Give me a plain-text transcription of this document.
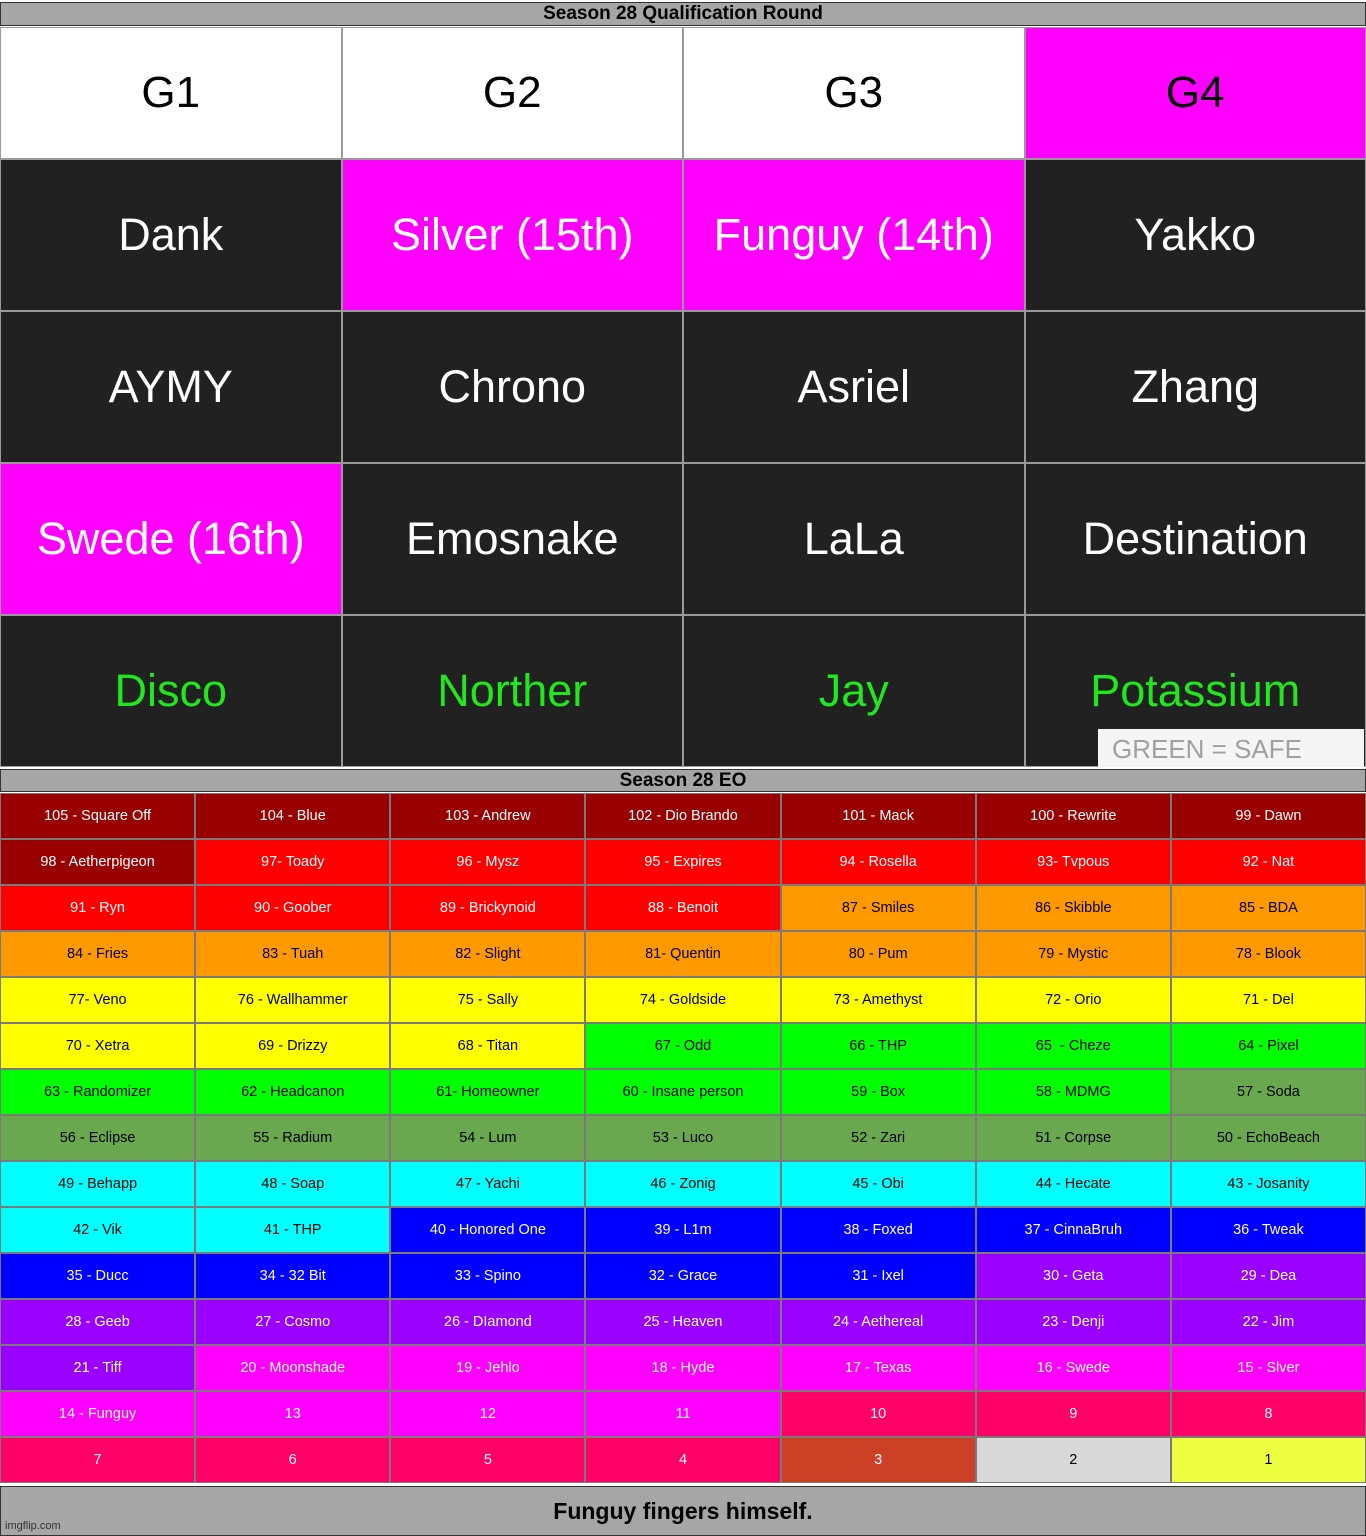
Season 28 Qualification Round
G1	G2	G3	G4
Dank	Silver (15th)	Funguy (14th)	Yakko
AYMY	Chrono	Asriel	Zhang
Swede (16th)	Emosnake	LaLa	Destination
Disco	Norther	Jay	Potassium
GREEN = SAFE
Season 28 EO
105 - Square Off	104 - Blue	103 - Andrew	102 - Dio Brando	101 - Mack	100 - Rewrite	99 - Dawn
98 - Aetherpigeon	97- Toady	96 - Mysz	95 - Expires	94 - Rosella	93- Tvpous	92 - Nat
91 - Ryn	90 - Goober	89 - Brickynoid	88 - Benoit	87 - Smiles	86 - Skibble	85 - BDA
84 - Fries	83 - Tuah	82 - Slight	81- Quentin	80 - Pum	79 - Mystic	78 - Blook
77- Veno	76 - Wallhammer	75 - Sally	74 - Goldside	73 - Amethyst	72 - Orio	71 - Del
70 - Xetra	69 - Drizzy	68 - Titan	67 - Odd	66 - THP	65  - Cheze	64 - Pixel
63 - Randomizer	62 - Headcanon	61- Homeowner	60 - Insane person	59 - Box	58 - MDMG	57 - Soda
56 - Eclipse	55 - Radium	54 - Lum	53 - Luco	52 - Zari	51 - Corpse	50 - EchoBeach
49 - Behapp	48 - Soap	47 - Yachi	46 - Zonig	45 - Obi	44 - Hecate	43 - Josanity
42 - Vik	41 - THP	40 - Honored One	39 - L1m	38 - Foxed	37 - CinnaBruh	36 - Tweak
35 - Ducc	34 - 32 Bit	33 - Spino	32 - Grace	31 - Ixel	30 - Geta	29 - Dea
28 - Geeb	27 - Cosmo	26 - DIamond	25 - Heaven	24 - Aethereal	23 - Denji	22 - Jim
21 - Tiff	20 - Moonshade	19 - Jehlo	18 - Hyde	17 - Texas	16 - Swede	15 - Slver
14 - Funguy	13	12	11	10	9	8
7	6	5	4	3	2	1
Funguy fingers himself.
imgflip.com
